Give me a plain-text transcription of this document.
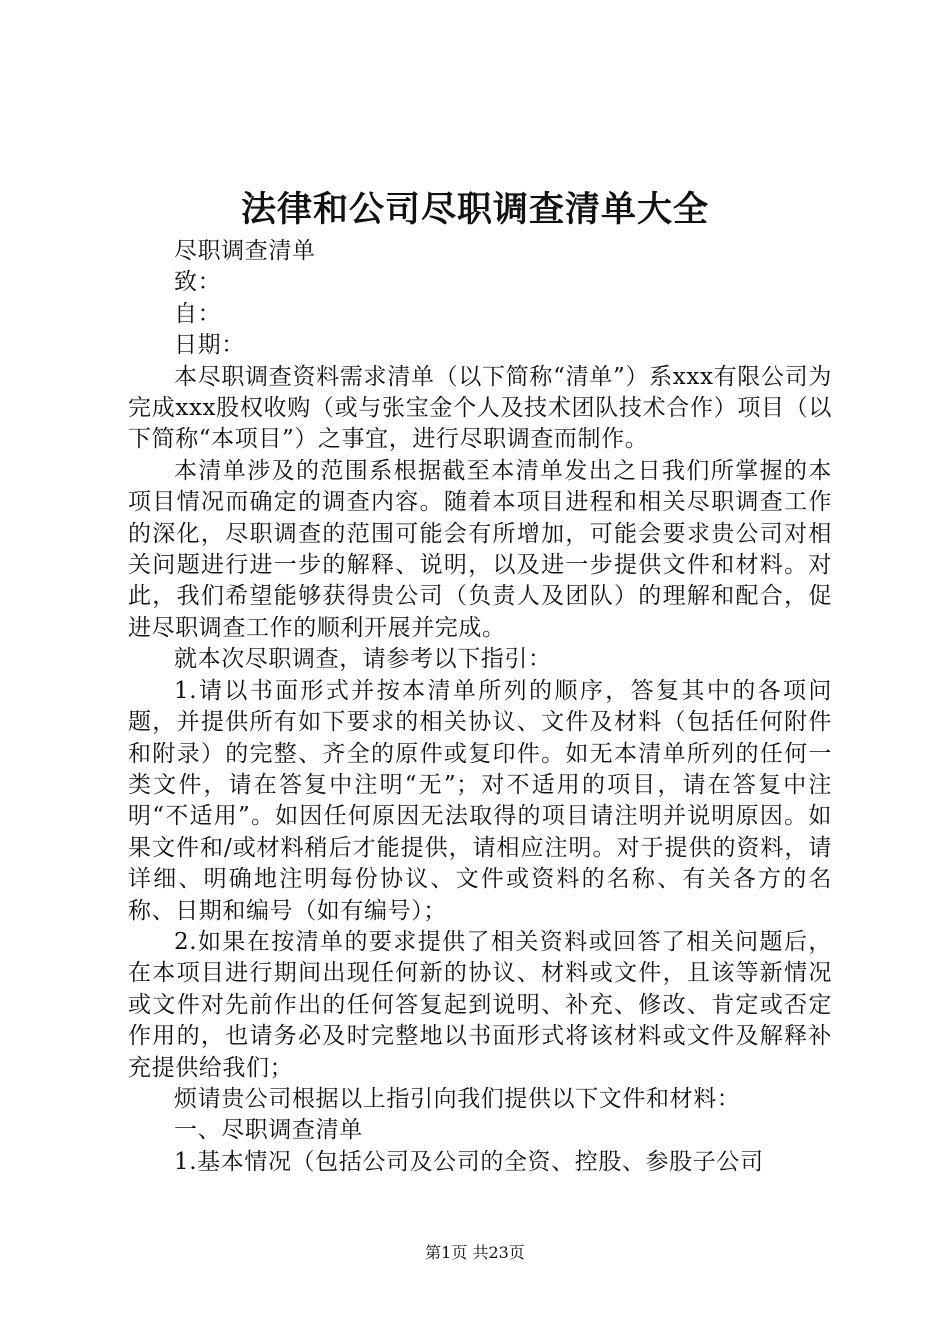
法律和公司尽职调查清单大全

尽职调查清单

致：

自：

日期：

本尽职调查资料需求清单（以下简称“清单”）系xxx有限公司为完成xxx股权收购（或与张宝金个人及技术团队技术合作）项目（以下简称“本项目”）之事宜，进行尽职调查而制作。

本清单涉及的范围系根据截至本清单发出之日我们所掌握的本项目情况而确定的调查内容。随着本项目进程和相关尽职调查工作的深化，尽职调查的范围可能会有所增加，可能会要求贵公司对相关问题进行进一步的解释、说明，以及进一步提供文件和材料。对此，我们希望能够获得贵公司（负责人及团队）的理解和配合，促进尽职调查工作的顺利开展并完成。

就本次尽职调查，请参考以下指引：

1.请以书面形式并按本清单所列的顺序，答复其中的各项问题，并提供所有如下要求的相关协议、文件及材料（包括任何附件和附录）的完整、齐全的原件或复印件。如无本清单所列的任何一类文件，请在答复中注明“无”；对不适用的项目，请在答复中注明“不适用”。如因任何原因无法取得的项目请注明并说明原因。如果文件和/或材料稍后才能提供，请相应注明。对于提供的资料，请详细、明确地注明每份协议、文件或资料的名称、有关各方的名称、日期和编号（如有编号）；

2.如果在按清单的要求提供了相关资料或回答了相关问题后，在本项目进行期间出现任何新的协议、材料或文件，且该等新情况或文件对先前作出的任何答复起到说明、补充、修改、肯定或否定作用的，也请务必及时完整地以书面形式将该材料或文件及解释补充提供给我们；

烦请贵公司根据以上指引向我们提供以下文件和材料：

一、尽职调查清单

1.基本情况（包括公司及公司的全资、控股、参股子公司

第1页 共23页
